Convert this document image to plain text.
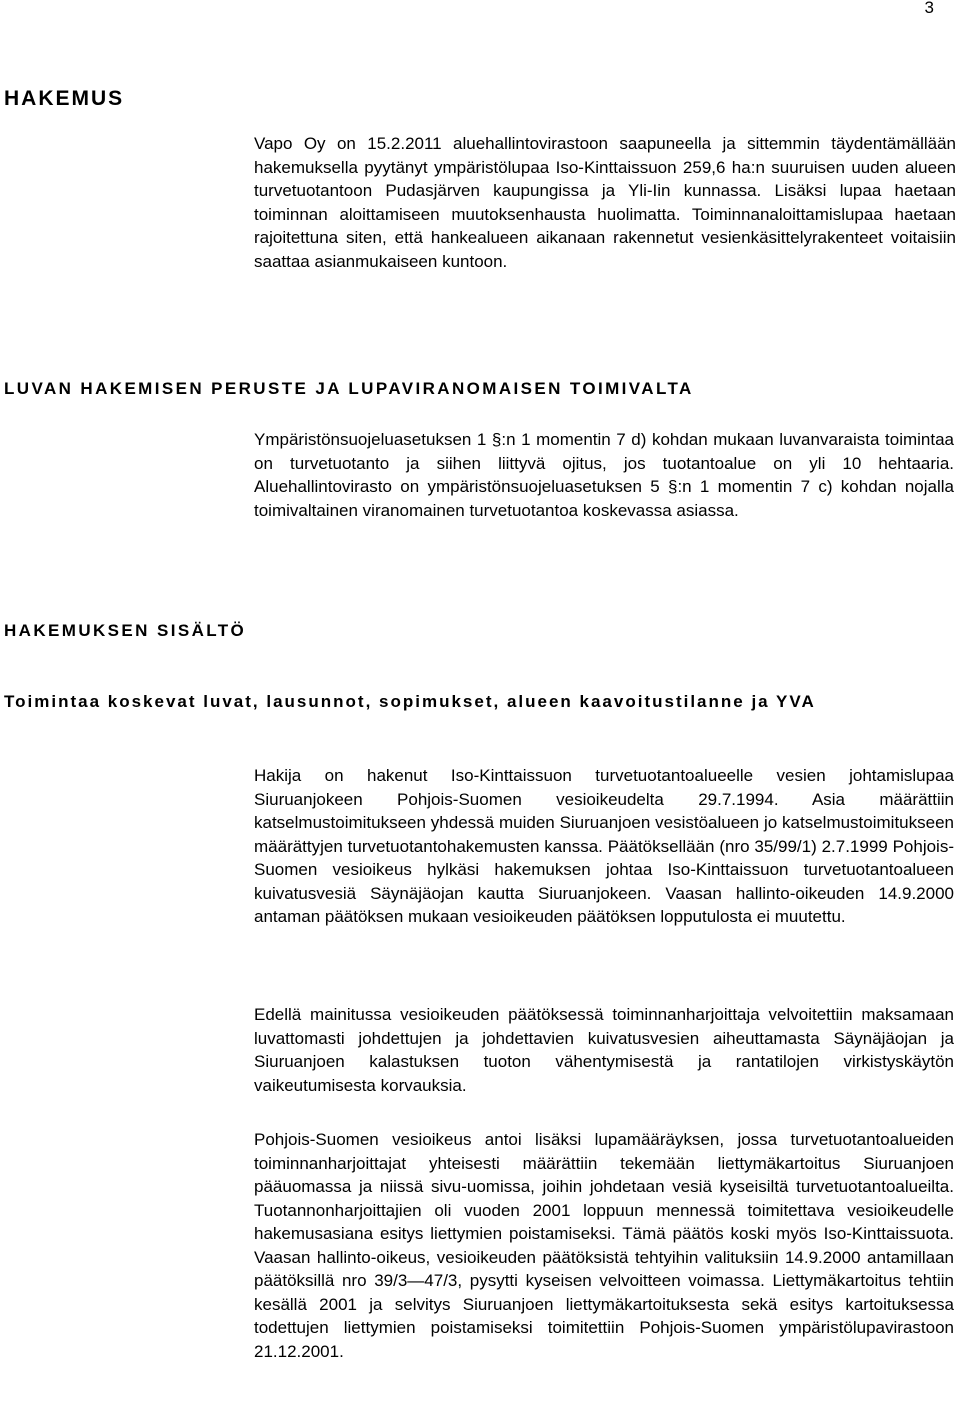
3
HAKEMUS

Vapo Oy on 15.2.2011 aluehallintovirastoon saapuneella ja sittemmin täydentämällään hakemuksella pyytänyt ympäristölupaa Iso-Kinttaissuon 259,6 ha:n suuruisen uuden alueen turvetuotantoon Pudasjärven kaupungissa ja Yli-Iin kunnassa. Lisäksi lupaa haetaan toiminnan aloittamiseen muutoksenhausta huolimatta. Toiminnanaloittamislupaa haetaan rajoitettuna siten, että hankealueen aikanaan rakennetut vesienkäsittelyrakenteet voitaisiin saattaa asianmukaiseen kuntoon.

LUVAN HAKEMISEN PERUSTE JA LUPAVIRANOMAISEN TOIMIVALTA

Ympäristönsuojeluasetuksen 1 §:n 1 momentin 7 d) kohdan mukaan luvanvaraista toimintaa on turvetuotanto ja siihen liittyvä ojitus, jos tuotantoalue on yli 10 hehtaaria. Aluehallintovirasto on ympäristönsuojeluasetuksen 5 §:n 1 momentin 7 c) kohdan nojalla toimivaltainen viranomainen turvetuotantoa koskevassa asiassa.

HAKEMUKSEN SISÄLTÖ
Toimintaa koskevat luvat, lausunnot, sopimukset, alueen kaavoitustilanne ja YVA

Hakija on hakenut Iso-Kinttaissuon turvetuotantoalueelle vesien johtamislupaa Siuruanjokeen Pohjois-Suomen vesioikeudelta 29.7.1994. Asia määrättiin katselmustoimitukseen yhdessä muiden Siuruanjoen vesistöalueen jo katselmustoimitukseen määrättyjen turvetuotantohakemusten kanssa. Päätöksellään (nro 35/99/1) 2.7.1999 Pohjois-Suomen vesioikeus hylkäsi hakemuksen johtaa Iso-Kinttaissuon turvetuotantoalueen kuivatusvesiä Säynäjäojan kautta Siuruanjokeen. Vaasan hallinto-oikeuden 14.9.2000 antaman päätöksen mukaan vesioikeuden päätöksen lopputulosta ei muutettu.

Edellä mainitussa vesioikeuden päätöksessä toiminnanharjoittaja velvoitettiin maksamaan luvattomasti johdettujen ja johdettavien kuivatusvesien aiheuttamasta Säynäjäojan ja Siuruanjoen kalastuksen tuoton vähentymisestä ja rantatilojen virkistyskäytön vaikeutumisesta korvauksia.

Pohjois-Suomen vesioikeus antoi lisäksi lupamääräyksen, jossa turvetuotantoalueiden toiminnanharjoittajat yhteisesti määrättiin tekemään liettymäkartoitus Siuruanjoen pääuomassa ja niissä sivu-uomissa, joihin johdetaan vesiä kyseisiltä turvetuotantoalueilta. Tuotannonharjoittajien oli vuoden 2001 loppuun mennessä toimitettava vesioikeudelle hakemusasiana esitys liettymien poistamiseksi. Tämä päätös koski myös Iso-Kinttaissuota. Vaasan hallinto-oikeus, vesioikeuden päätöksistä tehtyihin valituksiin 14.9.2000 antamillaan päätöksillä nro 39/3—47/3, pysytti kyseisen velvoitteen voimassa. Liettymäkartoitus tehtiin kesällä 2001 ja selvitys Siuruanjoen liettymäkartoituksesta sekä esitys kartoituksessa todettujen liettymien poistamiseksi toimitettiin Pohjois-Suomen ympäristölupavirastoon 21.12.2001.
